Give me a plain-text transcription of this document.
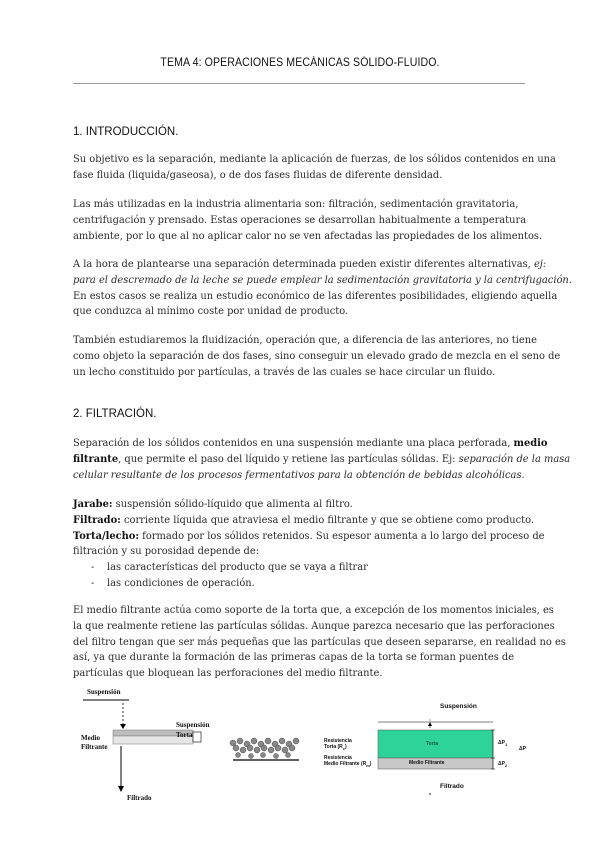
TEMA 4: OPERACIONES MECÁNICAS SÓLIDO-FLUIDO.
1. INTRODUCCIÓN.
Su objetivo es la separación, mediante la aplicación de fuerzas, de los sólidos contenidos en una
fase fluida (liquida/gaseosa), o de dos fases fluidas de diferente densidad.
Las más utilizadas en la industria alimentaria son: filtración, sedimentación gravitatoria,
centrifugación y prensado. Estas operaciones se desarrollan habitualmente a temperatura
ambiente, por lo que al no aplicar calor no se ven afectadas las propiedades de los alimentos.
A la hora de plantearse una separación determinada pueden existir diferentes alternativas, ej:
para el descremado de la leche se puede emplear la sedimentación gravitatoria y la centrifugación.
En estos casos se realiza un estudio económico de las diferentes posibilidades, eligiendo aquella
que conduzca al mínimo coste por unidad de producto.
También estudiaremos la fluidización, operación que, a diferencia de las anteriores, no tiene
como objeto la separación de dos fases, sino conseguir un elevado grado de mezcla en el seno de
un lecho constituido por partículas, a través de las cuales se hace circular un fluido.
2. FILTRACIÓN.
Separación de los sólidos contenidos en una suspensión mediante una placa perforada, medio
filtrante, que permite el paso del líquido y retiene las partículas sólidas. Ej: separación de la masa
celular resultante de los procesos fermentativos para la obtención de bebidas alcohólicas.
Jarabe: suspensión sólido-líquido que alimenta al filtro.
Filtrado: corriente líquida que atraviesa el medio filtrante y que se obtiene como producto.
Torta/lecho: formado por los sólidos retenidos. Su espesor aumenta a lo largo del proceso de
filtración y su porosidad depende de:
- las características del producto que se vaya a filtrar
- las condiciones de operación.
El medio filtrante actúa como soporte de la torta que, a excepción de los momentos iniciales, es
la que realmente retiene las partículas sólidas. Aunque parezca necesario que las perforaciones
del filtro tengan que ser más pequeñas que las partículas que deseen separarse, en realidad no es
así, ya que durante la formación de las primeras capas de la torta se forman puentes de
partículas que bloquean las perforaciones del medio filtrante.
Suspensión
Medio
Filtrante
Filtrado
Suspensión
Torta
Suspensión
Torta
Medio Filtrante
Filtrado
Resistencia
Torta $(R_c)$
Resistencia
Medio Filtrante $(R_m)$
$\Delta P_1$
$\Delta P_2$
ΔP
